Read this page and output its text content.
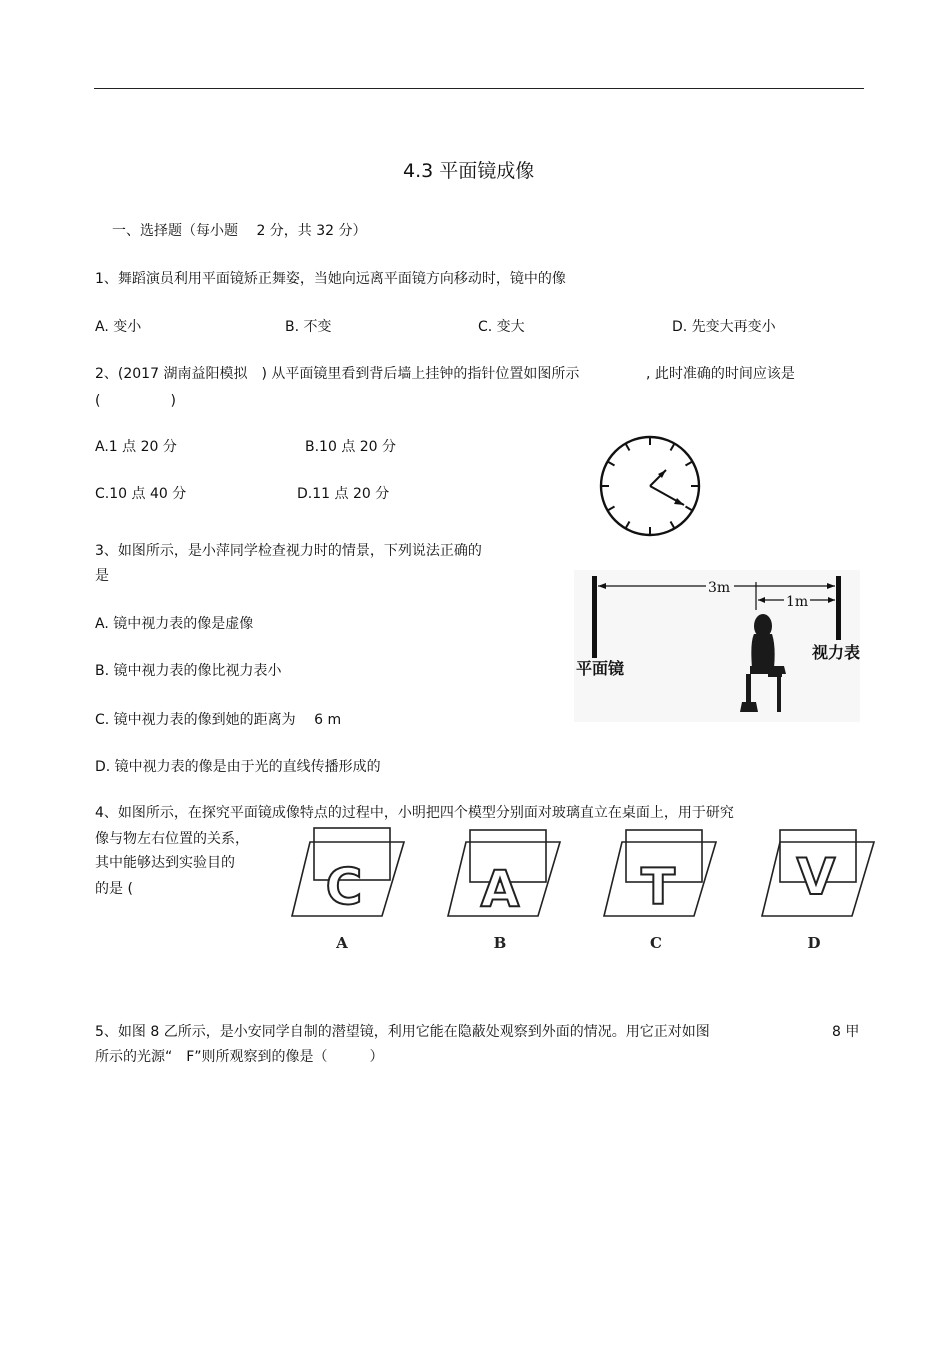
4.3 平面镜成像
一、选择题（每小题　 2 分，共 32 分）
1、舞蹈演员利用平面镜矫正舞姿，当她向远离平面镜方向移动时，镜中的像
A. 变小	B. 不变	C. 变大	D. 先变大再变小
2、(2017 湖南益阳模拟　) 从平面镜里看到背后墙上挂钟的指针位置如图所示	, 此时准确的时间应该是
(　　　　　)
A.1 点 20 分	B.10 点 20 分
C.10 点 40 分	D.11 点 20 分
3、如图所示，是小萍同学检查视力时的情景，下列说法正确的
是
A. 镜中视力表的像是虚像
B. 镜中视力表的像比视力表小
C. 镜中视力表的像到她的距离为　 6 m
D. 镜中视力表的像是由于光的直线传播形成的
3m
1m
平面镜
视力表
4、如图所示，在探究平面镜成像特点的过程中，小明把四个模型分别面对玻璃直立在桌面上，用于研究
像与物左右位置的关系，
其中能够达到实验目的
的是 (	C
A
A
B
T
C
V
D
5、如图 8 乙所示，是小安同学自制的潜望镜，利用它能在隐蔽处观察到外面的情况。用它正对如图	8 甲
所示的光源“　F”则所观察到的像是（　　　）
